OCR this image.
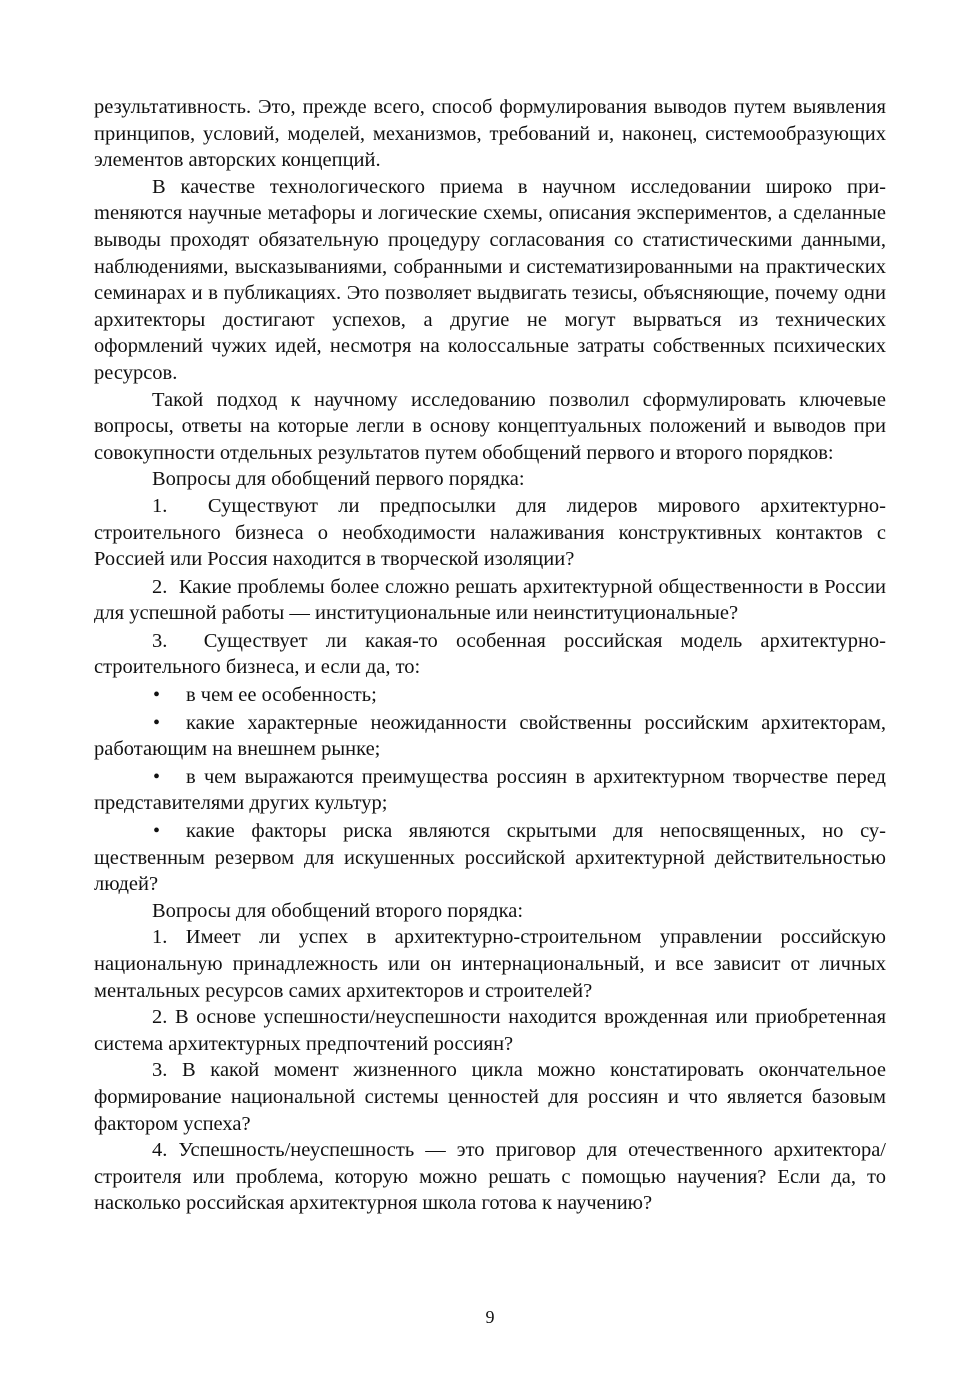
результативность. Это, прежде всего, способ формулирования выводов путем выявления принципов, условий, моделей, механизмов, требований и, наконец, системообразующих элементов авторских концепций.

В качестве технологического приема в научном исследовании широко приmеняются научные метафоры и логические схемы, описания экспериментов, а сделанные выводы проходят обязательную процедуру согласования со статистическими данными, наблюдениями, высказываниями, собранными и систематизированными на практических семинарах и в публикациях. Это позволяет выдвигать тезисы, объясняющие, почему одни архитекторы достигают успехов, а другие не могут вырваться из технических оформлений чужих идей, несмотря на колоссальные затраты собственных психических ресурсов.

Такой подход к научному исследованию позволил сформулировать ключевые вопросы, ответы на которые легли в основу концептуальных положений и выводов при совокупности отдельных результатов путем обобщений первого и второго порядков:

Вопросы для обобщений первого порядка:

1.  Существуют ли предпосылки для лидеров мирового архитектурно-строительного бизнеса о необходимости налаживания конструктивных контактов с Россией или Россия находится в творческой изоляции?

2.  Какие проблемы более сложно решать архитектурной общественности в России для успешной работы — институциональные или неинституциональные?

3.  Существует ли какая-то особенная российская модель архитектурно-строительного бизнеса, и если да, то:

• в чем ее особенность;

• какие характерные неожиданности свойственны российским архитекторам, работающим на внешнем рынке;

• в чем выражаются преимущества россиян в архитектурном творчестве перед представителями других культур;

• какие факторы риска являются скрытыми для непосвященных, но существенным резервом для искушенных российской архитектурной действительностью людей?

Вопросы для обобщений второго порядка:

1. Имеет ли успех в архитектурно-строительном управлении российскую национальную принадлежность или он интернациональный, и все зависит от личных ментальных ресурсов самих архитекторов и строителей?

2. В основе успешности/неуспешности находится врожденная или приобретенная система архитектурных предпочтений россиян?

3. В какой момент жизненного цикла можно констатировать окончательное формирование национальной системы ценностей для россиян и что является базовым фактором успеха?

4. Успешность/неуспешность — это приговор для отечественного архитектора/строителя или проблема, которую можно решать с помощью научeния? Если да, то насколько российская архитектурноя школа готова к научeнию?

9
